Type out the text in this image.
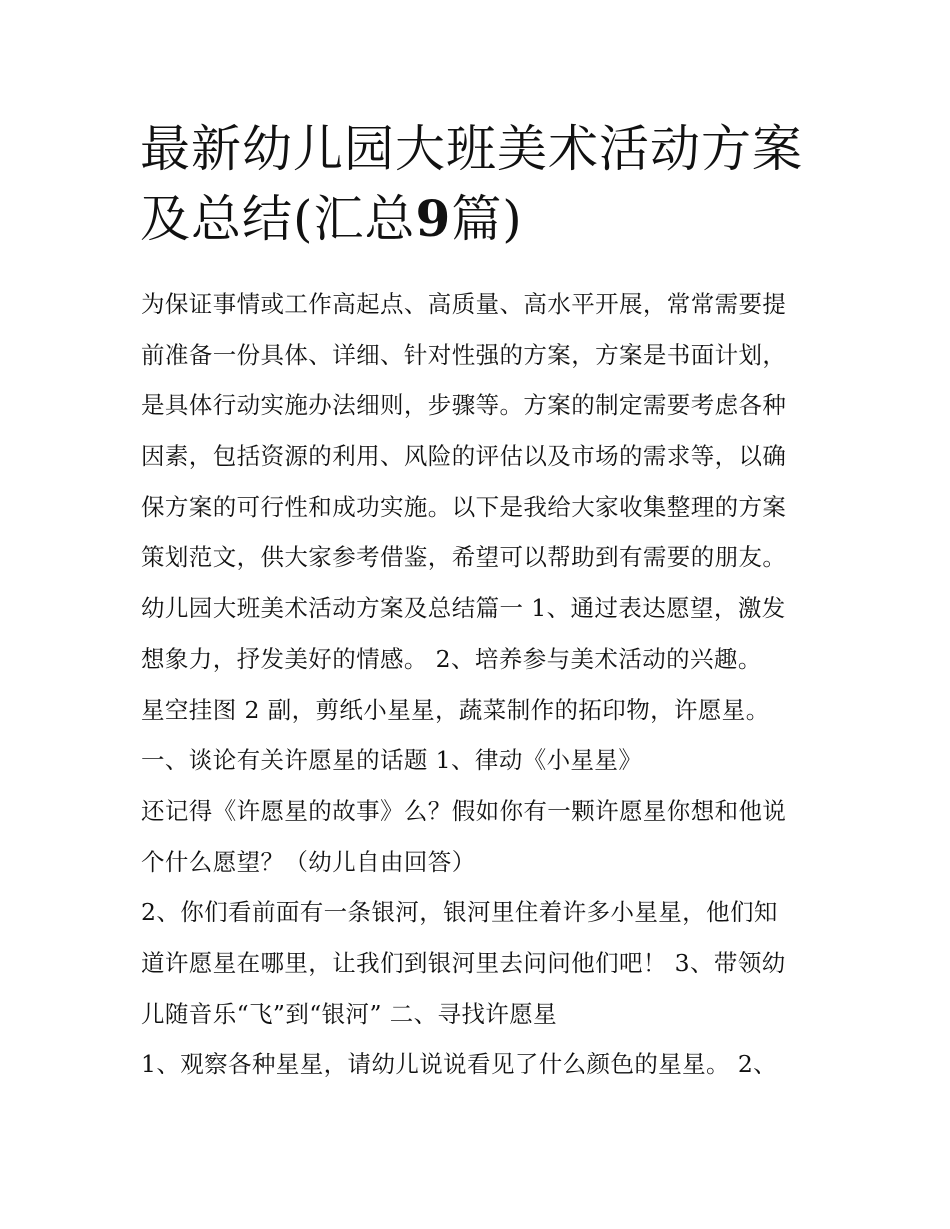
最新幼儿园大班美术活动方案
及总结(汇总9篇)
为保证事情或工作高起点、高质量、高水平开展，常常需要提
前准备一份具体、详细、针对性强的方案，方案是书面计划，
是具体行动实施办法细则，步骤等。方案的制定需要考虑各种
因素，包括资源的利用、风险的评估以及市场的需求等，以确
保方案的可行性和成功实施。以下是我给大家收集整理的方案
策划范文，供大家参考借鉴，希望可以帮助到有需要的朋友。
幼儿园大班美术活动方案及总结篇一 1、通过表达愿望，激发
想象力，抒发美好的情感。 2、培养参与美术活动的兴趣。
星空挂图 2 副，剪纸小星星，蔬菜制作的拓印物，许愿星。
一、谈论有关许愿星的话题 1、律动《小星星》
还记得《许愿星的故事》么？假如你有一颗许愿星你想和他说
个什么愿望？（幼儿自由回答）
2、你们看前面有一条银河，银河里住着许多小星星，他们知
道许愿星在哪里，让我们到银河里去问问他们吧！ 3、带领幼
儿随音乐“飞”到“银河” 二、寻找许愿星
1、观察各种星星，请幼儿说说看见了什么颜色的星星。 2、
